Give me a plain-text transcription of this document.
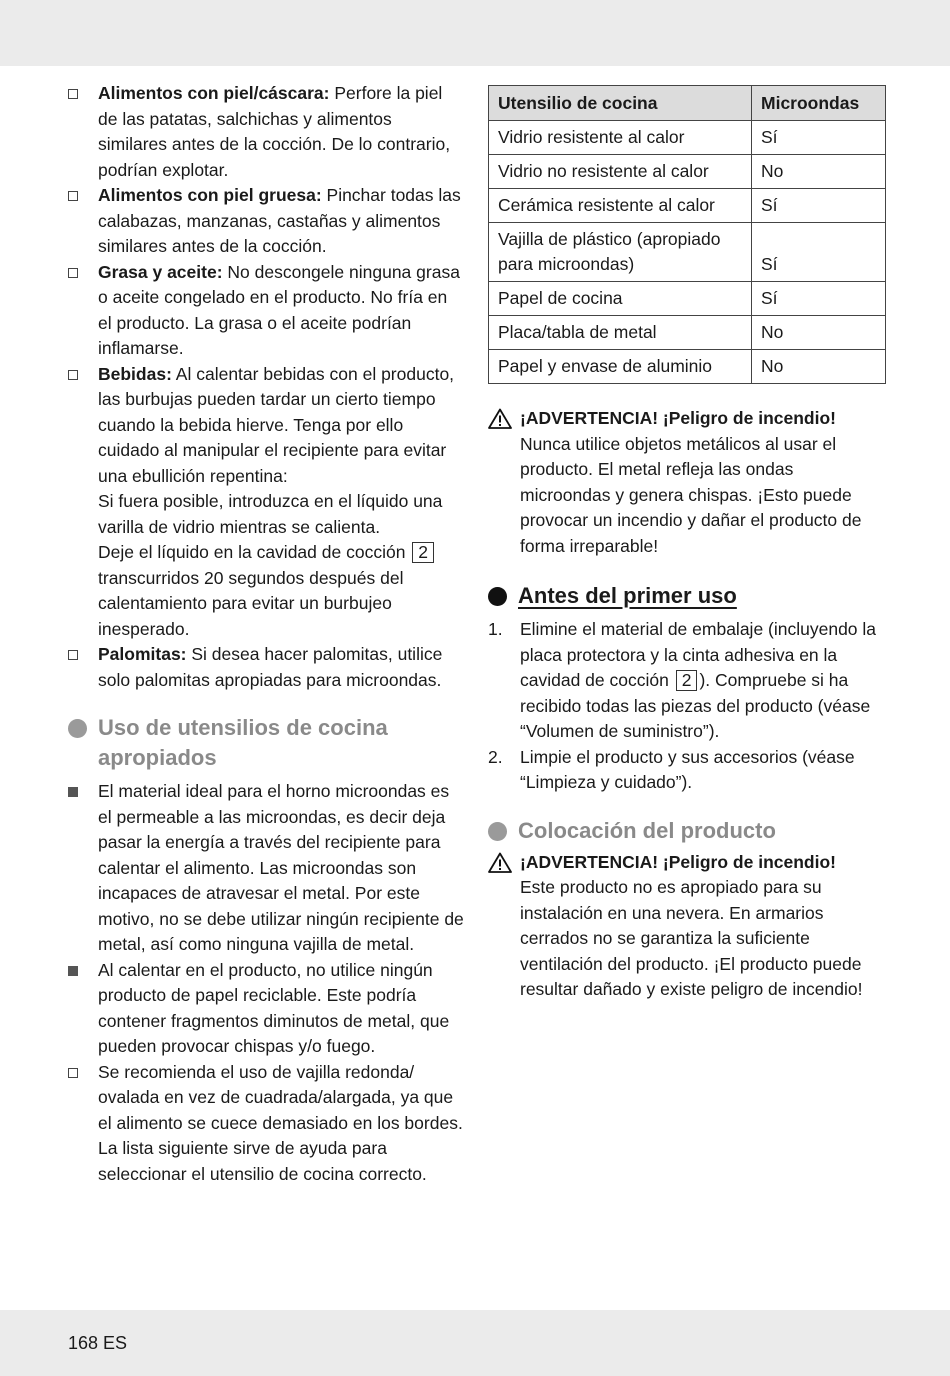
Alimentos con piel/cáscara: Perfore la piel de las patatas, salchichas y alimentos similares antes de la cocción. De lo contrario, podrían explotar.

Alimentos con piel gruesa: Pinchar todas las calabazas, manzanas, castañas y alimentos similares antes de la cocción.

Grasa y aceite: No descongele ninguna grasa o aceite congelado en el producto. No fría en el producto. La grasa o el aceite podrían inflamarse.

Bebidas: Al calentar bebidas con el producto, las burbujas pueden tardar un cierto tiempo cuando la bebida hierve. Tenga por ello cuidado al manipular el recipiente para evitar una ebullición repentina:
Si fuera posible, introduzca en el líquido una varilla de vidrio mientras se calienta.
Deje el líquido en la cavidad de cocción 2 transcurridos 20 segundos después del calentamiento para evitar un burbujeo inesperado.

Palomitas: Si desea hacer palomitas, utilice solo palomitas apropiadas para microondas.

Uso de utensilios de cocina apropiados

El material ideal para el horno microondas es el permeable a las microondas, es decir deja pasar la energía a través del recipiente para calentar el alimento. Las microondas son incapaces de atravesar el metal. Por este motivo, no se debe utilizar ningún recipiente de metal, así como ninguna vajilla de metal.

Al calentar en el producto, no utilice ningún producto de papel reciclable. Este podría contener fragmentos diminutos de metal, que pueden provocar chispas y/o fuego.

Se recomienda el uso de vajilla redonda/ ovalada en vez de cuadrada/alargada, ya que el alimento se cuece demasiado en los bordes. La lista siguiente sirve de ayuda para seleccionar el utensilio de cocina correcto.

Utensilio de cocina	Microondas
Vidrio resistente al calor	Sí
Vidrio no resistente al calor	No
Cerámica resistente al calor	Sí
Vajilla de plástico (apropiado para microondas)	Sí
Papel de cocina	Sí
Placa/tabla de metal	No
Papel y envase de aluminio	No
¡ADVERTENCIA! ¡Peligro de incendio!
Nunca utilice objetos metálicos al usar el producto. El metal refleja las ondas microondas y genera chispas. ¡Esto puede provocar un incendio y dañar el producto de forma irreparable!
Antes del primer uso
1. Elimine el material de embalaje (incluyendo la placa protectora y la cinta adhesiva en la cavidad de cocción 2 ). Compruebe si ha recibido todas las piezas del producto (véase “Volumen de suministro”).
2. Limpie el producto y sus accesorios (véase “Limpieza y cuidado”).
Colocación del producto
¡ADVERTENCIA! ¡Peligro de incendio!
Este producto no es apropiado para su instalación en una nevera. En armarios cerrados no se garantiza la suficiente ventilación del producto. ¡El producto puede resultar dañado y existe peligro de incendio!
168 ES
